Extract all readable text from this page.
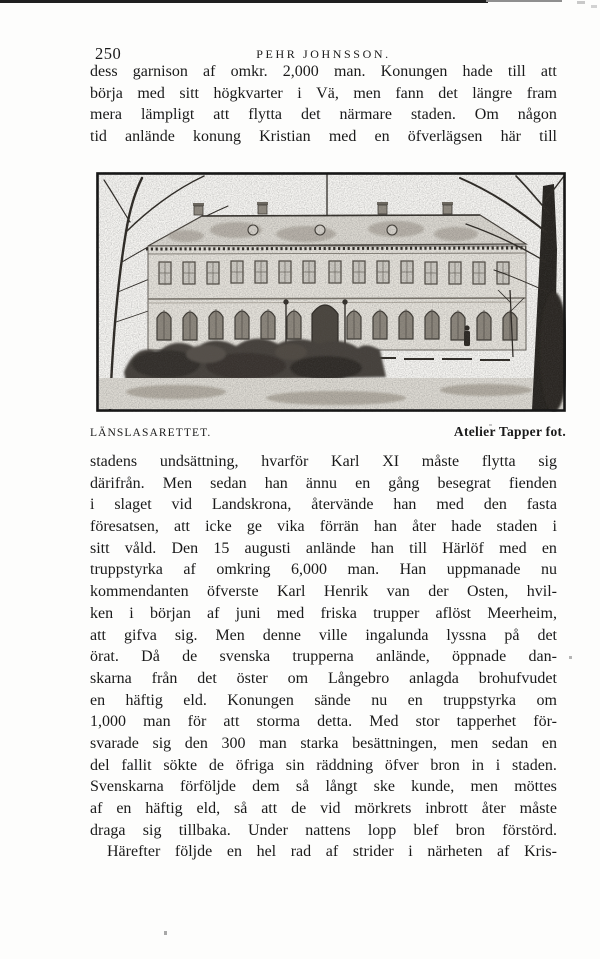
250	PEHR JOHNSSON.
dess garnison af omkr. 2,000 man. Konungen hade till att
börja med sitt högkvarter i Vä, men fann det längre fram
mera lämpligt att flytta det närmare staden. Om någon
tid anlände konung Kristian med en öfverlägsen här till
LÄNSLASARETTET.	Atelier Tapper fot.
stadens undsättning, hvarför Karl XI måste flytta sig
därifrån. Men sedan han ännu en gång besegrat fienden
i slaget vid Landskrona, återvände han med den fasta
föresatsen, att icke ge vika förrän han åter hade staden i
sitt våld. Den 15 augusti anlände han till Härlöf med en
truppstyrka af omkring 6,000 man. Han uppmanade nu
kommendanten öfverste Karl Henrik van der Osten, hvil-
ken i början af juni med friska trupper aflöst Meerheim,
att gifva sig. Men denne ville ingalunda lyssna på det
örat. Då de svenska trupperna anlände, öppnade dan-
skarna från det öster om Långebro anlagda brohufvudet
en häftig eld. Konungen sände nu en truppstyrka om
1,000 man för att storma detta. Med stor tapperhet för-
svarade sig den 300 man starka besättningen, men sedan en
del fallit sökte de öfriga sin räddning öfver bron in i staden.
Svenskarna förföljde dem så långt ske kunde, men möttes
af en häftig eld, så att de vid mörkrets inbrott åter måste
draga sig tillbaka. Under nattens lopp blef bron förstörd.
Härefter följde en hel rad af strider i närheten af Kris-
